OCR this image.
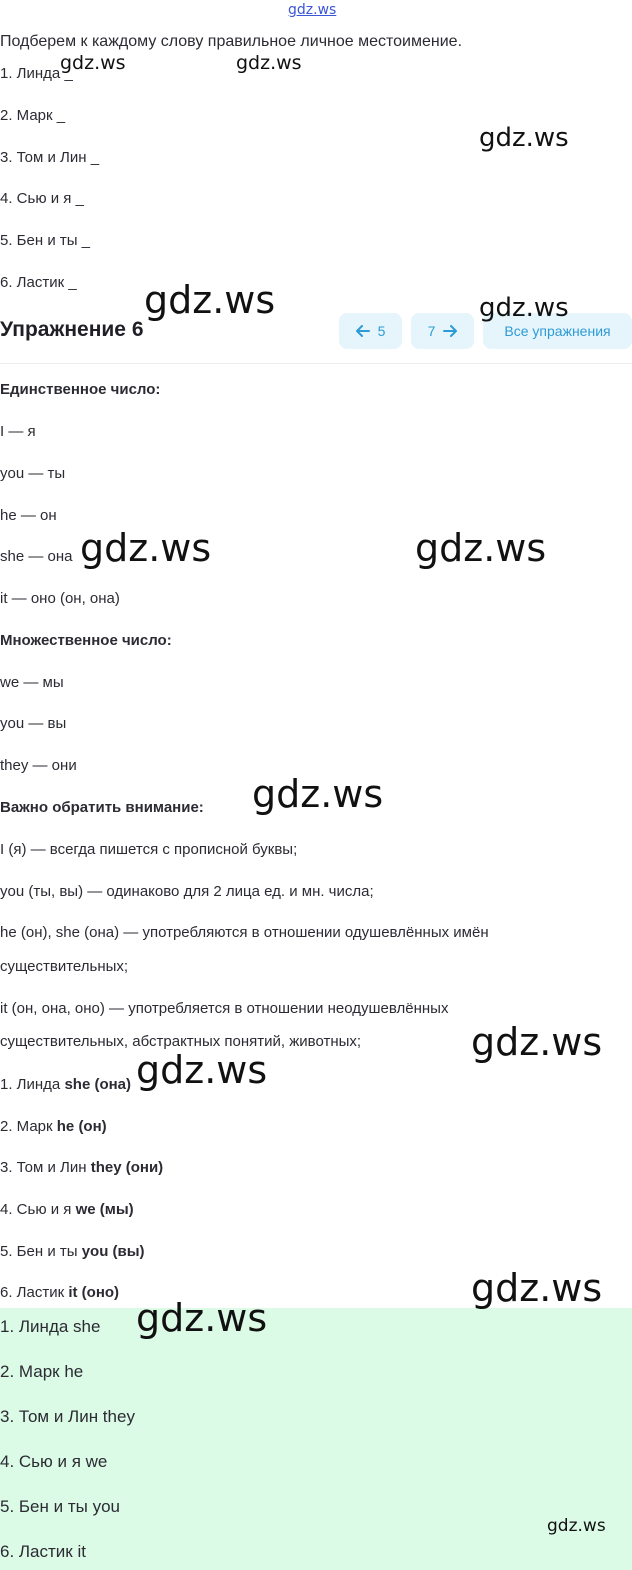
gdz.ws
Подберем к каждому слову правильное личное местоимение.
1. Линда _
2. Марк _
3. Том и Лин _
4. Сью и я _
5. Бен и ты _
6. Ластик _
Упражнение 6	5	7	Все упражнения
Единственное число:
I — я
you — ты
he — он
she — она
it — оно (он, она)
Множественное число:
we — мы
you — вы
they — они
Важно обратить внимание:
I (я) — всегда пишется с прописной буквы;
you (ты, вы) — одинаково для 2 лица ед. и мн. числа;
he (он), she (она) — употребляются в отношении одушевлённых имён
существительных;
it (он, она, оно) — употребляется в отношении неодушевлённых
существительных, абстрактных понятий, животных;
1. Линда she (она)
2. Марк he (он)
3. Том и Лин they (они)
4. Сью и я we (мы)
5. Бен и ты you (вы)
6. Ластик it (оно)
1. Линда she
2. Марк he
3. Том и Лин they
4. Сью и я we
5. Бен и ты you
6. Ластик it
gdz.ws	gdz.ws
gdz.ws
gdz.ws	gdz.ws
gdz.ws	gdz.ws
gdz.ws
gdz.ws
gdz.ws
gdz.ws
gdz.ws
gdz.ws
